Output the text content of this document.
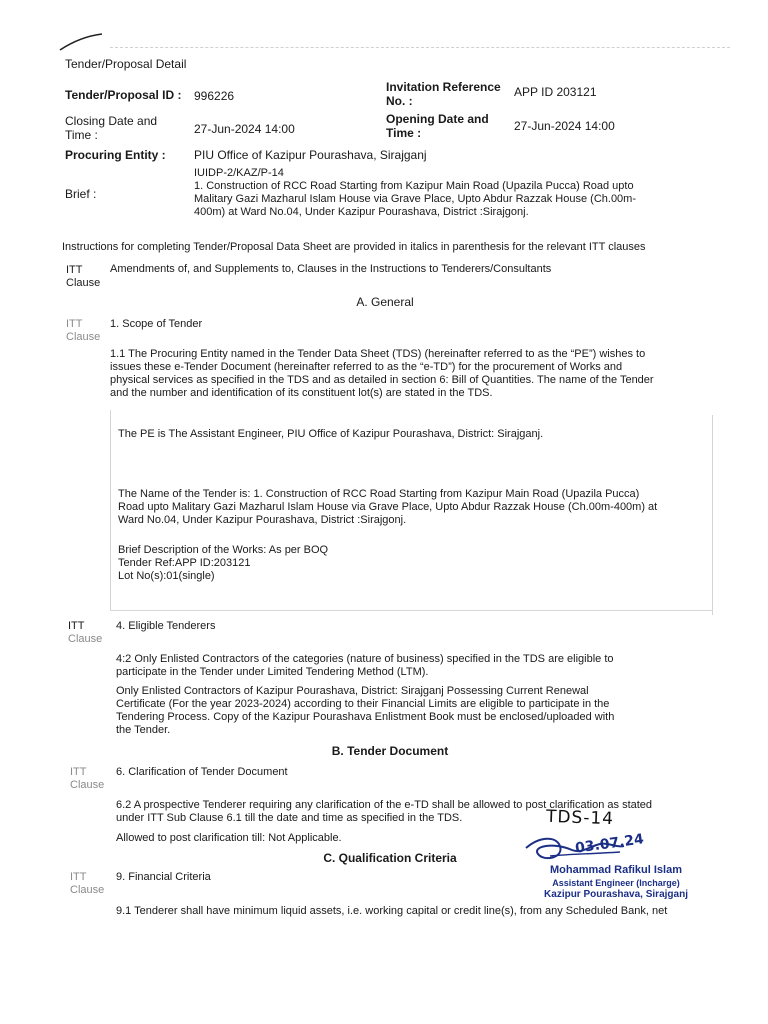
Tender/Proposal Detail
Tender/Proposal ID : 996226
Invitation Reference
No. :
APP ID 203121
Closing Date and
Time :	27-Jun-2024 14:00
Opening Date and
Time :	27-Jun-2024 14:00
Procuring Entity : PIU Office of Kazipur Pourashava, Sirajganj
Brief :
IUIDP-2/KAZ/P-14
1. Construction of RCC Road Starting from Kazipur Main Road (Upazila Pucca) Road upto
Malitary Gazi Mazharul Islam House via Grave Place, Upto Abdur Razzak House (Ch.00m-
400m) at Ward No.04, Under Kazipur Pourashava, District :Sirajgonj.
Instructions for completing Tender/Proposal Data Sheet are provided in italics in parenthesis for the relevant ITT clauses
ITT
Clause
Amendments of, and Supplements to, Clauses in the Instructions to Tenderers/Consultants
A. General
ITT
Clause
1. Scope of Tender
1.1 The Procuring Entity named in the Tender Data Sheet (TDS) (hereinafter referred to as the “PE”) wishes to
issues these e-Tender Document (hereinafter referred to as the “e-TD”) for the procurement of Works and
physical services as specified in the TDS and as detailed in section 6: Bill of Quantities. The name of the Tender
and the number and identification of its constituent lot(s) are stated in the TDS.
The PE is The Assistant Engineer, PIU Office of Kazipur Pourashava, District: Sirajganj.
The Name of the Tender is: 1. Construction of RCC Road Starting from Kazipur Main Road (Upazila Pucca)
Road upto Malitary Gazi Mazharul Islam House via Grave Place, Upto Abdur Razzak House (Ch.00m-400m) at
Ward No.04, Under Kazipur Pourashava, District :Sirajgonj.
Brief Description of the Works: As per BOQ
Tender Ref:APP ID:203121
Lot No(s):01(single)
ITT
Clause
4. Eligible Tenderers
4:2 Only Enlisted Contractors of the categories (nature of business) specified in the TDS are eligible to
participate in the Tender under Limited Tendering Method (LTM).
Only Enlisted Contractors of Kazipur Pourashava, District: Sirajganj Possessing Current Renewal
Certificate (For the year 2023-2024) according to their Financial Limits are eligible to participate in the
Tendering Process. Copy of the Kazipur Pourashava Enlistment Book must be enclosed/uploaded with
the Tender.
B. Tender Document
ITT
Clause
6. Clarification of Tender Document
6.2 A prospective Tenderer requiring any clarification of the e-TD shall be allowed to post clarification as stated
under ITT Sub Clause 6.1 till the date and time as specified in the TDS.
Allowed to post clarification till: Not Applicable.
C. Qualification Criteria
ITT
Clause
9. Financial Criteria
9.1 Tenderer shall have minimum liquid assets, i.e. working capital or credit line(s), from any Scheduled Bank, net
TDS-14
03.07.24
Mohammad Rafikul Islam
Assistant Engineer (Incharge)
Kazipur Pourashava, Sirajganj
